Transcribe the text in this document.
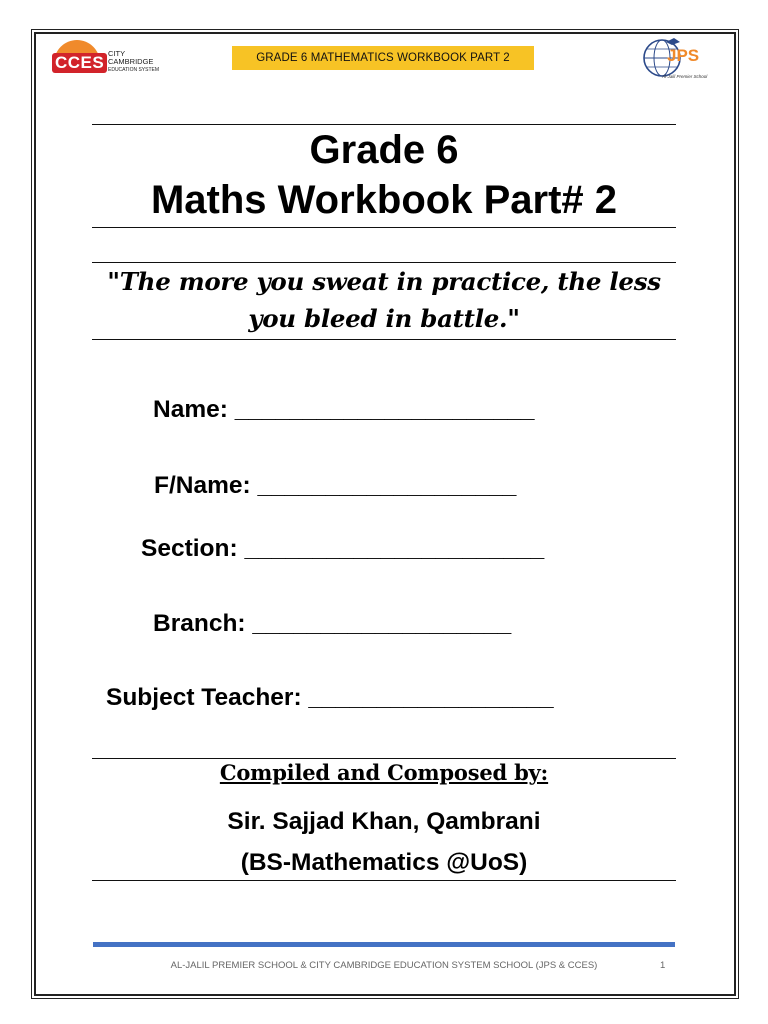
CCES CITY
CAMBRIDGE
EDUCATION SYSTEM
GRADE 6 MATHEMATICS WORKBOOK PART 2	JPS
Al-Jalil Premier School
Grade 6
Maths Workbook Part# 2
"The more you sweat in practice, the less
you bleed in battle."
Name: ______________________
F/Name: ___________________
Section: ______________________
Branch: ___________________
Subject Teacher: __________________
Compiled and Composed by:
Sir. Sajjad Khan, Qambrani
(BS-Mathematics @UoS)
AL-JALIL PREMIER SCHOOL & CITY CAMBRIDGE EDUCATION SYSTEM SCHOOL (JPS & CCES)	1
